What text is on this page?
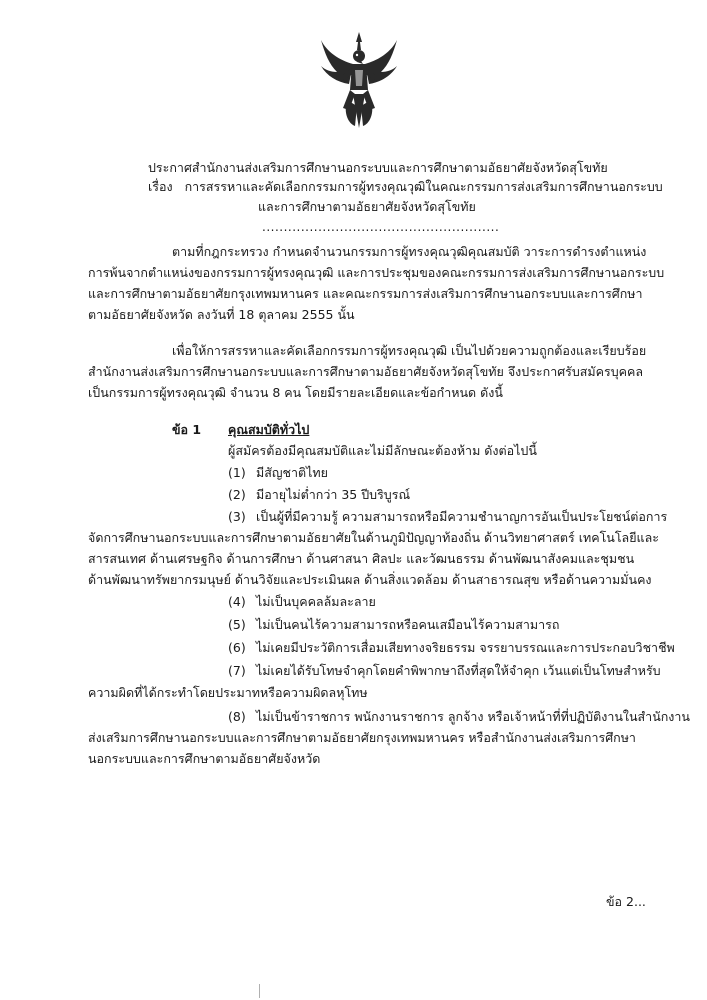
ประกาศสำนักงานส่งเสริมการศึกษานอกระบบและการศึกษาตามอัธยาศัยจังหวัดสุโขทัย
เรื่อง การสรรหาและคัดเลือกกรรมการผู้ทรงคุณวุฒิในคณะกรรมการส่งเสริมการศึกษานอกระบบ
และการศึกษาตามอัธยาศัยจังหวัดสุโขทัย
.......................................................
ตามที่กฎกระทรวง กำหนดจำนวนกรรมการผู้ทรงคุณวุฒิคุณสมบัติ วาระการดำรงตำแหน่ง
การพ้นจากตำแหน่งของกรรมการผู้ทรงคุณวุฒิ และการประชุมของคณะกรรมการส่งเสริมการศึกษานอกระบบ
และการศึกษาตามอัธยาศัยกรุงเทพมหานคร และคณะกรรมการส่งเสริมการศึกษานอกระบบและการศึกษา
ตามอัธยาศัยจังหวัด ลงวันที่ 18 ตุลาคม 2555 นั้น
เพื่อให้การสรรหาและคัดเลือกกรรมการผู้ทรงคุณวุฒิ เป็นไปด้วยความถูกต้องและเรียบร้อย
สำนักงานส่งเสริมการศึกษานอกระบบและการศึกษาตามอัธยาศัยจังหวัดสุโขทัย จึงประกาศรับสมัครบุคคล
เป็นกรรมการผู้ทรงคุณวุฒิ จำนวน 8 คน โดยมีรายละเอียดและข้อกำหนด ดังนี้
ข้อ 1 คุณสมบัติทั่วไป
ผู้สมัครต้องมีคุณสมบัติและไม่มีลักษณะต้องห้าม ดังต่อไปนี้
(1) มีสัญชาติไทย
(2) มีอายุไม่ต่ำกว่า 35 ปีบริบูรณ์
(3) เป็นผู้ที่มีความรู้ ความสามารถหรือมีความชำนาญการอันเป็นประโยชน์ต่อการ
จัดการศึกษานอกระบบและการศึกษาตามอัธยาศัยในด้านภูมิปัญญาท้องถิ่น ด้านวิทยาศาสตร์ เทคโนโลยีและ
สารสนเทศ ด้านเศรษฐกิจ ด้านการศึกษา ด้านศาสนา ศิลปะ และวัฒนธรรม ด้านพัฒนาสังคมและชุมชน
ด้านพัฒนาทรัพยากรมนุษย์ ด้านวิจัยและประเมินผล ด้านสิ่งแวดล้อม ด้านสาธารณสุข หรือด้านความมั่นคง
(4) ไม่เป็นบุคคลล้มละลาย
(5) ไม่เป็นคนไร้ความสามารถหรือคนเสมือนไร้ความสามารถ
(6) ไม่เคยมีประวัติการเสื่อมเสียทางจริยธรรม จรรยาบรรณและการประกอบวิชาชีพ
(7) ไม่เคยได้รับโทษจำคุกโดยคำพิพากษาถึงที่สุดให้จำคุก เว้นแต่เป็นโทษสำหรับ
ความผิดที่ได้กระทำโดยประมาทหรือความผิดลหุโทษ
(8) ไม่เป็นข้าราชการ พนักงานราชการ ลูกจ้าง หรือเจ้าหน้าที่ที่ปฏิบัติงานในสำนักงาน
ส่งเสริมการศึกษานอกระบบและการศึกษาตามอัธยาศัยกรุงเทพมหานคร หรือสำนักงานส่งเสริมการศึกษา
นอกระบบและการศึกษาตามอัธยาศัยจังหวัด
ข้อ 2...
